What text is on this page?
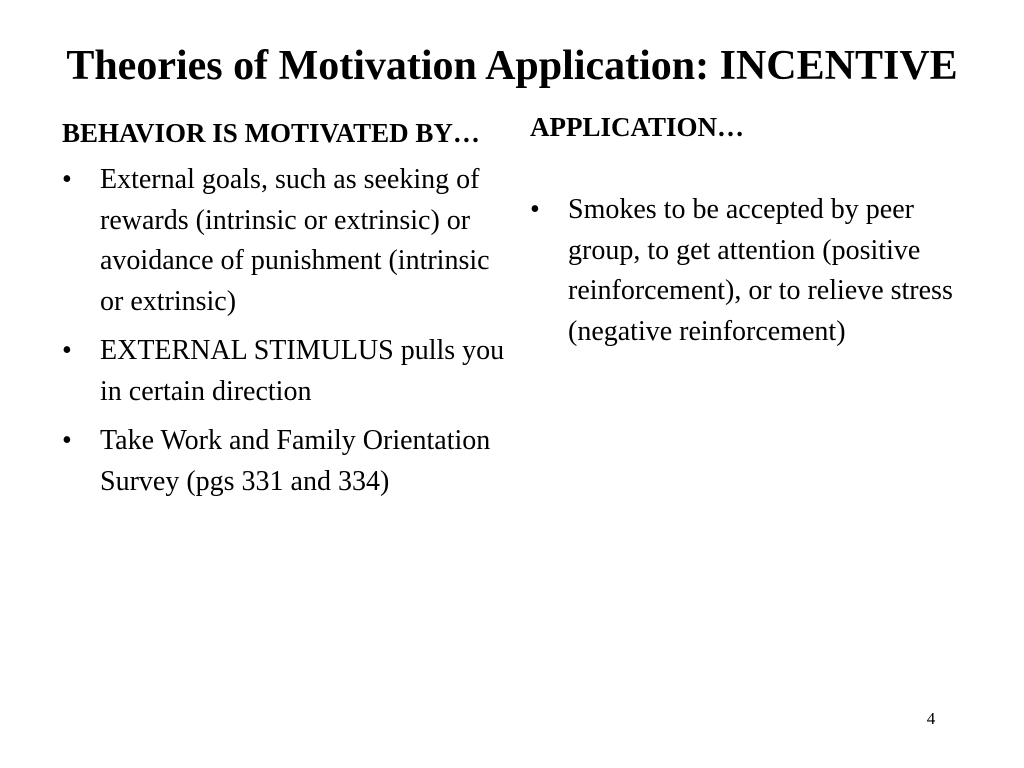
Theories of Motivation Application: INCENTIVE

BEHAVIOR IS MOTIVATED BY…

• External goals, such as seeking of rewards (intrinsic or extrinsic) or avoidance of punishment (intrinsic or extrinsic)
• EXTERNAL STIMULUS pulls you in certain direction
• Take Work and Family Orientation Survey (pgs 331 and 334)

APPLICATION…

• Smokes to be accepted by peer group, to get attention (positive reinforcement), or to relieve stress (negative reinforcement)
4
